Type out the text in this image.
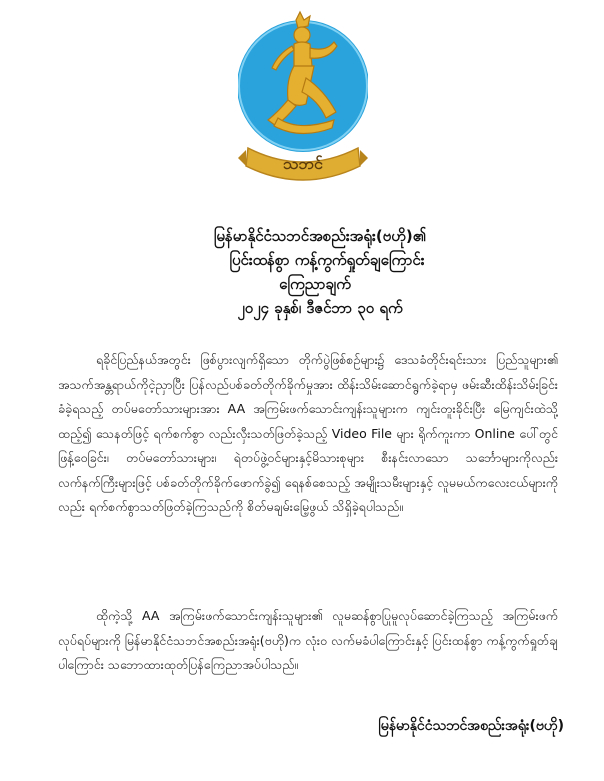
သဘင်
မြန်မာနိုင်ငံသဘင်အစည်းအရုံး(ဗဟို)၏
ပြင်းထန်စွာ ကန့်ကွက်ရှုတ်ချကြောင်း
ကြေညာချက်
၂၀၂၄ ခုနှစ်၊ ဒီဇင်ဘာ ၃၀ ရက်
ရခိုင်ပြည်နယ်အတွင်း ဖြစ်ပွားလျက်ရှိသော တိုက်ပွဲဖြစ်စဉ်များ၌ ဒေသခံတိုင်းရင်းသား ပြည်သူများ၏ အသက်အန္တရာယ်ကိုငဲ့ညှာပြီး ပြန်လည်ပစ်ခတ်တိုက်ခိုက်မှုအား ထိန်းသိမ်းဆောင်ရွက်ခဲ့ရာမှ ဖမ်းဆီးထိန်းသိမ်းခြင်းခံခဲ့ရသည့် တပ်မတော်သားများအား AA အကြမ်းဖက်သောင်းကျန်းသူများက ကျင်းတူးခိုင်းပြီး မြေကျင်းထဲသို့ထည့်၍ သေနတ်ဖြင့် ရက်စက်စွာ လည်းလှီးသတ်ဖြတ်ခဲ့သည့် Video File များ ရိုက်ကူးကာ Online ပေါ်တွင် ဖြန့်ဝေခြင်း၊ တပ်မတော်သားများ၊ ရဲတပ်ဖွဲ့ဝင်များနှင့်မိသားစုများ စီးနင်းလာသော သင်္ဘောများကိုလည်း လက်နက်ကြီးများဖြင့် ပစ်ခတ်တိုက်ခိုက်ဖောက်ခွဲ၍ ရေနစ်စေသည့် အမျိုးသမီးများနှင့် လူမမယ်ကလေးငယ်များကိုလည်း ရက်စက်စွာသတ်ဖြတ်ခဲ့ကြသည်ကို စိတ်မချမ်းမြေ့ဖွယ် သိရှိခဲ့ရပါသည်။
ထိုကဲ့သို့ AA အကြမ်းဖက်သောင်းကျန်းသူများ၏ လူမဆန်စွာပြုမူလုပ်ဆောင်ခဲ့ကြသည့် အကြမ်းဖက်လုပ်ရပ်များကို မြန်မာနိုင်ငံသဘင်အစည်းအရုံး(ဗဟို)က လုံးဝ လက်မခံပါကြောင်းနှင့် ပြင်းထန်စွာ ကန့်ကွက်ရှုတ်ချပါကြောင်း သဘောထားထုတ်ပြန်ကြေညာအပ်ပါသည်။
မြန်မာနိုင်ငံသဘင်အစည်းအရုံး(ဗဟို)
